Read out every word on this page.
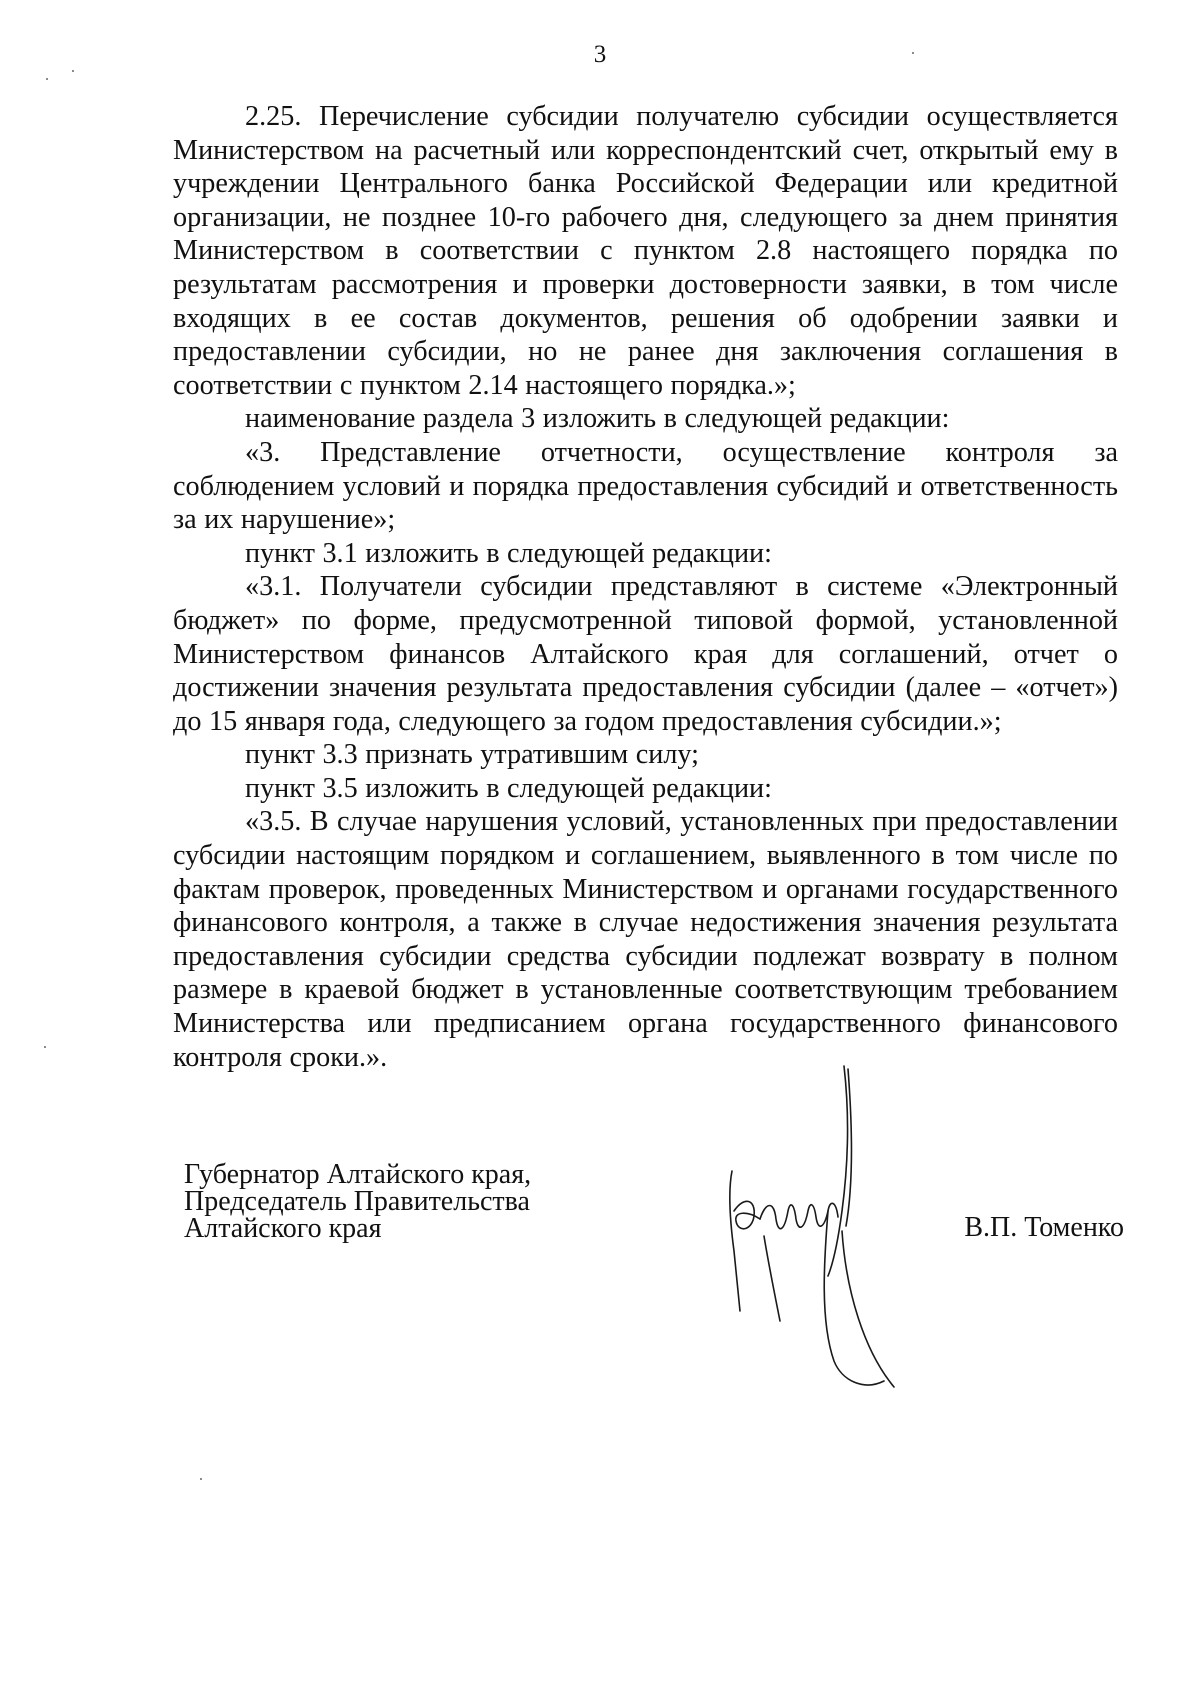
3

2.25. Перечисление субсидии получателю субсидии осуществляется Министерством на расчетный или корреспондентский счет, открытый ему в учреждении Центрального банка Российской Федерации или кредитной организации, не позднее 10-го рабочего дня, следующего за днем принятия Министерством в соответствии с пунктом 2.8 настоящего порядка по результатам рассмотрения и проверки достоверности заявки, в том числе входящих в ее состав документов, решения об одобрении заявки и предоставлении субсидии, но не ранее дня заключения соглашения в соответствии с пунктом 2.14 настоящего порядка.»;

наименование раздела 3 изложить в следующей редакции:

«3. Представление отчетности, осуществление контроля за соблюдением условий и порядка предоставления субсидий и ответственность за их нарушение»;

пункт 3.1 изложить в следующей редакции:

«3.1. Получатели субсидии представляют в системе «Электронный бюджет» по форме, предусмотренной типовой формой, установленной Министерством финансов Алтайского края для соглашений, отчет о достижении значения результата предоставления субсидии (далее – «отчет») до 15 января года, следующего за годом предоставления субсидии.»;

пункт 3.3 признать утратившим силу;

пункт 3.5 изложить в следующей редакции:

«3.5. В случае нарушения условий, установленных при предоставлении субсидии настоящим порядком и соглашением, выявленного в том числе по фактам проверок, проведенных Министерством и органами государственного финансового контроля, а также в случае недостижения значения результата предоставления субсидии средства субсидии подлежат возврату в полном размере в краевой бюджет в установленные соответствующим требованием Министерства или предписанием органа государственного финансового контроля сроки.».

Губернатор Алтайского края,
Председатель Правительства
Алтайского края	В.П. Томенко
